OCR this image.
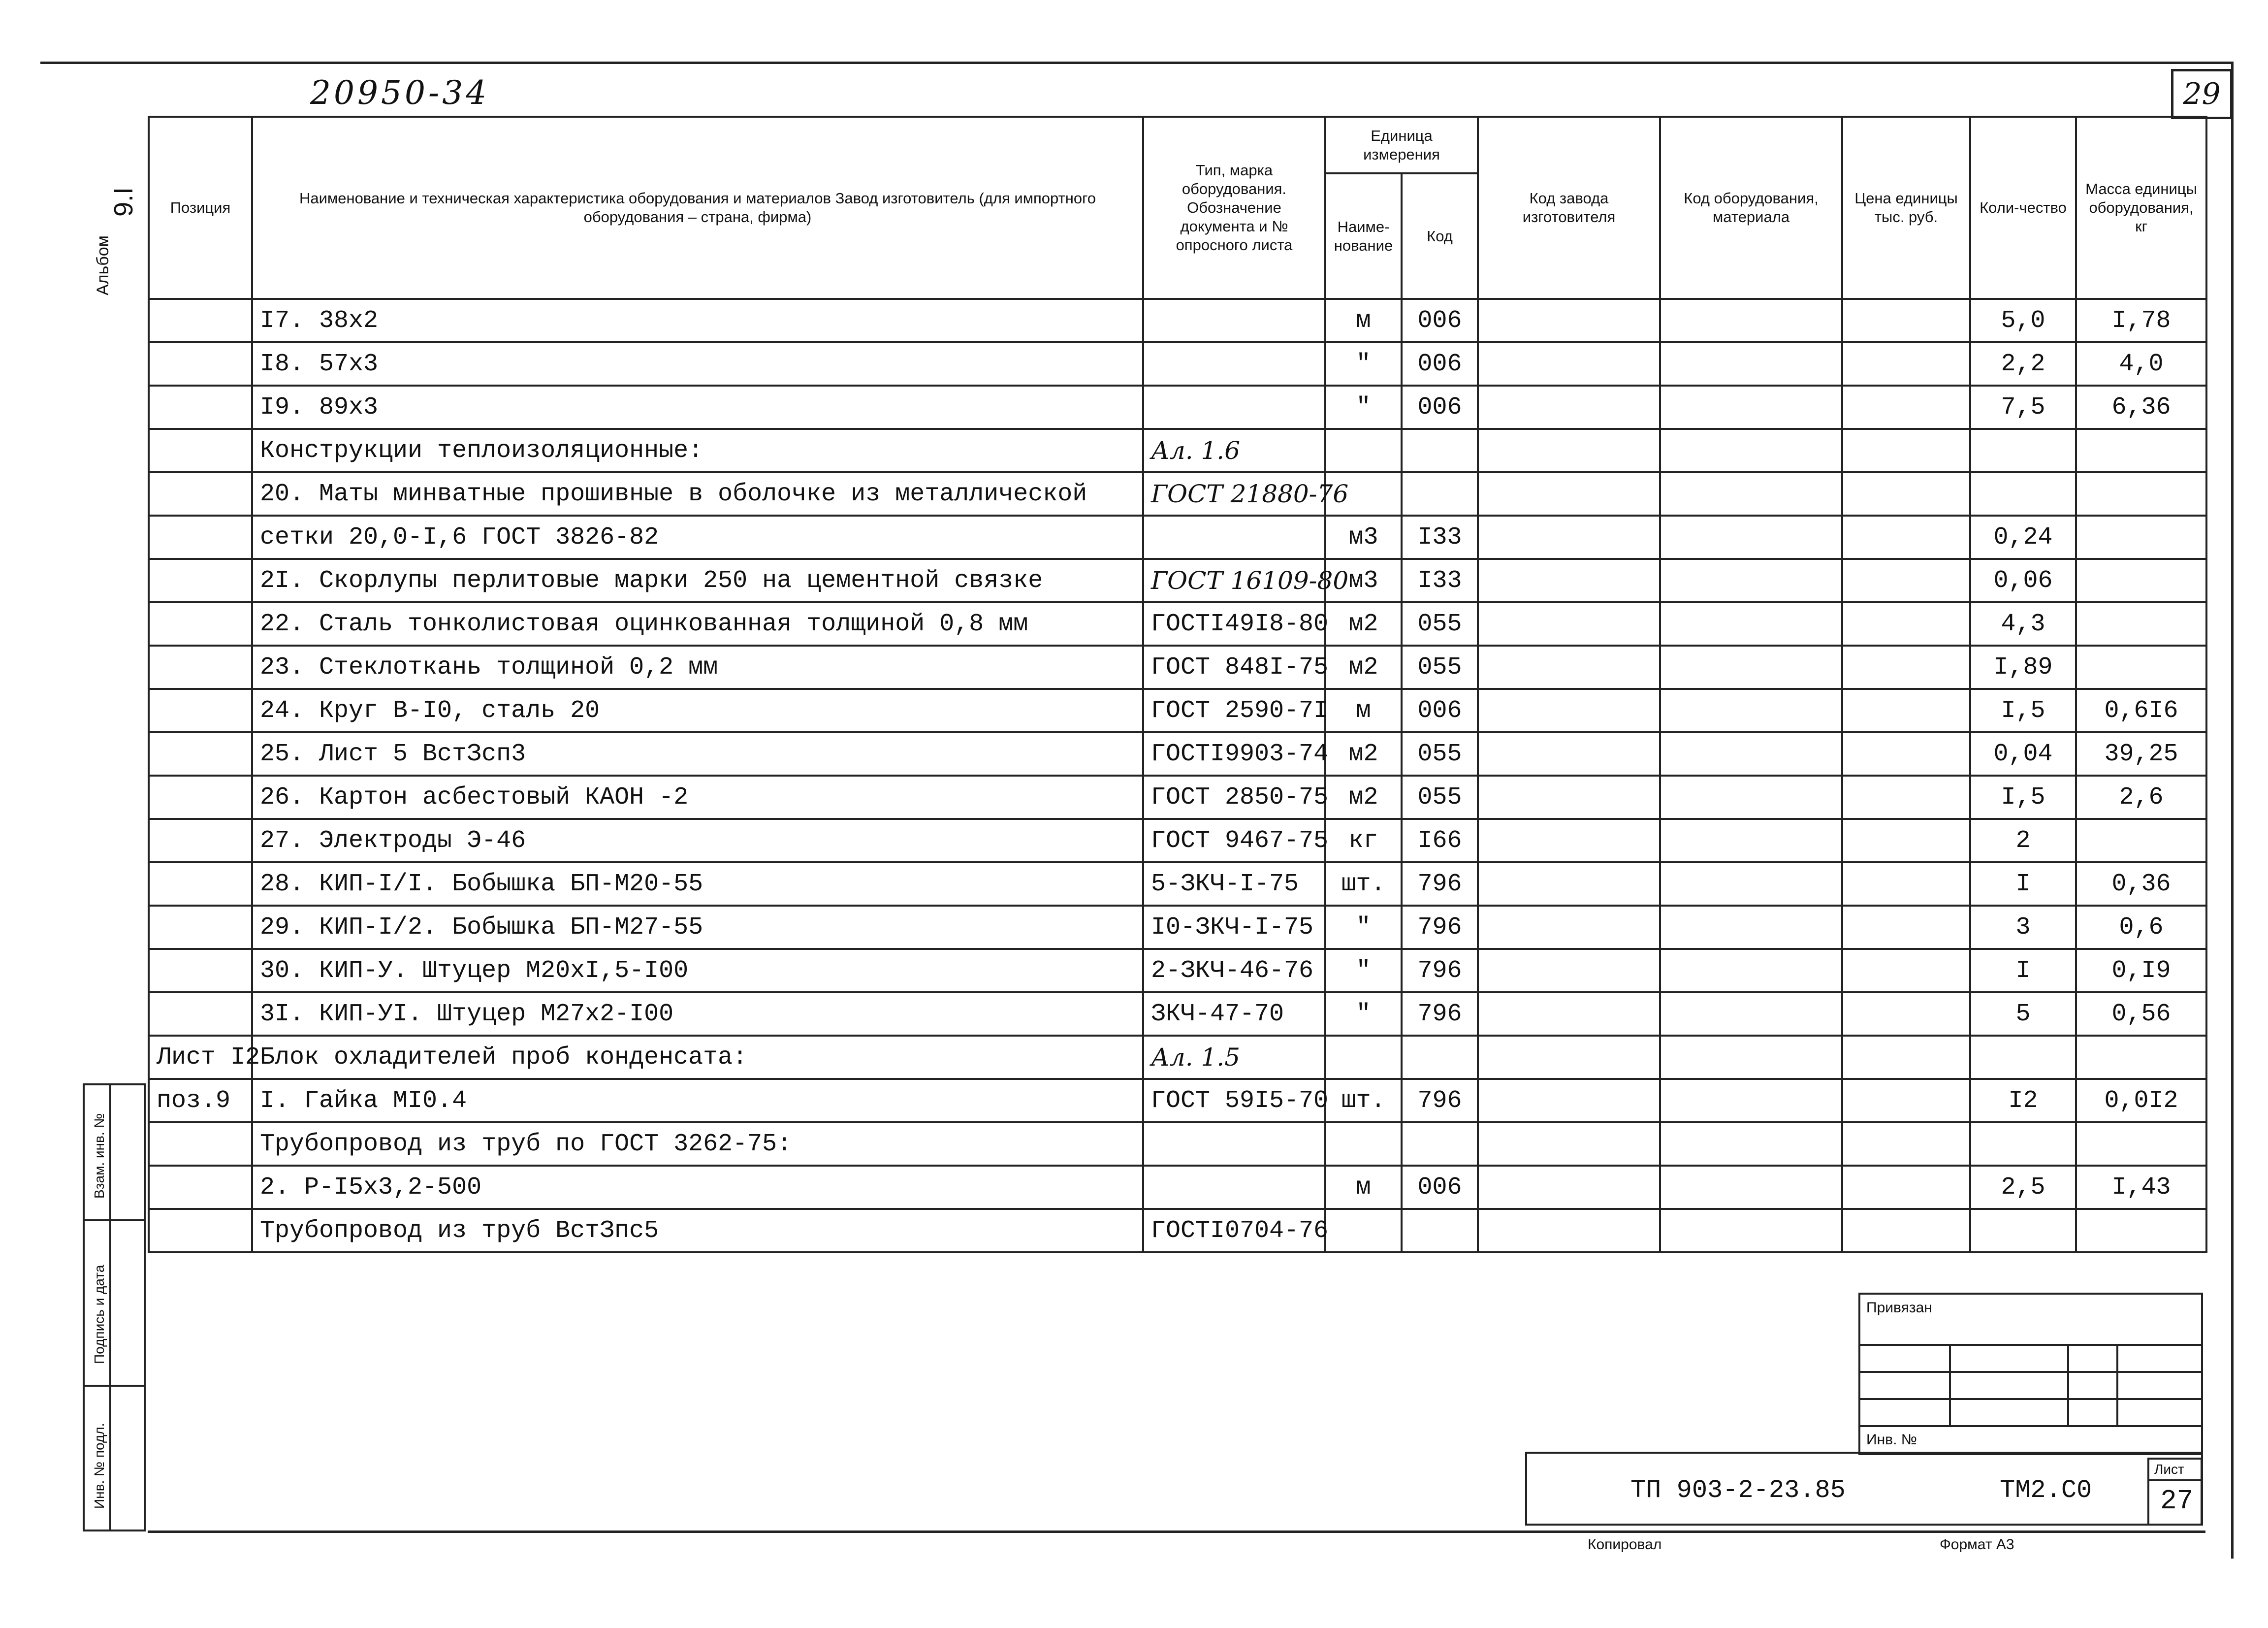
20950-34	29
Альбом
9.I Позиция	Наименование и техническая характеристика оборудования и материалов Завод изготовитель (для импортного оборудования – страна, фирма)	Тип, марка оборудования. Обозначение документа и № опросного листа	Единица измерения		Код завода изготовителя	Код оборудования, материала	Цена единицы тыс. руб.	Коли-чество	Масса единицы оборудования, кг
			Наиме-нование	Код					
	I7. 38х2		м	006				5,0	I,78
	I8. 57х3		"	006				2,2	4,0
	I9. 89х3		"	006				7,5	6,36
	Конструкции теплоизоляционные:	Ал. 1.6							
	20. Маты минватные прошивные в оболочке из металлической	ГОСТ 21880-76							
	сетки 20,0-I,6 ГОСТ 3826-82		м3	I33				0,24	
	2I. Скорлупы перлитовые марки 250 на цементной связке	ГОСТ 16109-80	м3	I33				0,06	
	22. Сталь тонколистовая оцинкованная толщиной 0,8 мм	ГОСТI49I8-80	м2	055				4,3	
	23. Стеклоткань толщиной 0,2 мм	ГОСТ 848I-75	м2	055				I,89	
	24. Круг В-I0, сталь 20	ГОСТ 2590-7I	м	006				I,5	0,6I6
	25. Лист 5 ВстЗсп3	ГОСТI9903-74	м2	055				0,04	39,25
	26. Картон асбестовый КАОН -2	ГОСТ 2850-75	м2	055				I,5	2,6
	27. Электроды Э-46	ГОСТ 9467-75	кг	I66				2	
	28. КИП-I/I. Бобышка БП-М20-55	5-ЗКЧ-I-75	шт.	796				I	0,36
	29. КИП-I/2. Бобышка БП-М27-55	I0-ЗКЧ-I-75	"	796				3	0,6
	30. КИП-У. Штуцер М20хI,5-I00	2-ЗКЧ-46-76	"	796				I	0,I9
	3I. КИП-УI. Штуцер М27х2-I00	ЗКЧ-47-70	"	796				5	0,56
Лист I2	Блок охладителей проб конденсата:	Ал. 1.5							
поз.9	I. Гайка МI0.4	ГОСТ 59I5-70	шт.	796				I2	0,0I2
	Трубопровод из труб по ГОСТ 3262-75:								
	2. Р-I5х3,2-500		м	006				2,5	I,43
	Трубопровод из труб ВстЗпс5	ГОСТI0704-76							
Взам. инв. №
Подпись и дата
Инв. № подл.
Привязан
Инв. №
ТП 903-2-23.85	ТМ2.С0
Лист
27
Копировал	Формат А3
